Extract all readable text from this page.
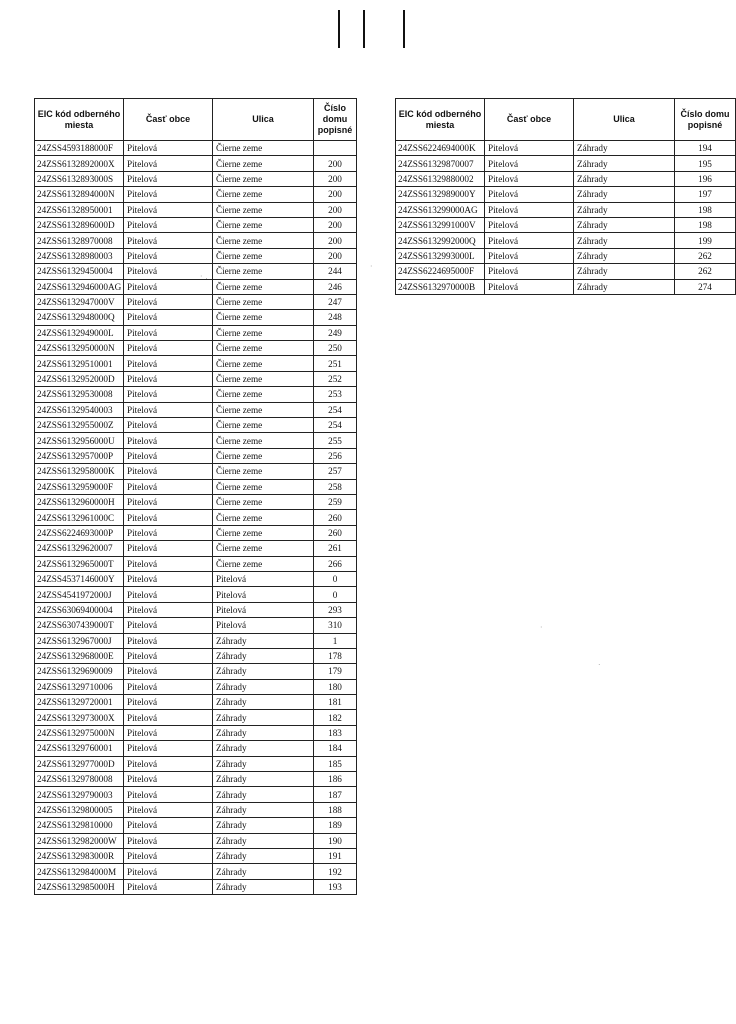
EIC kód odberného miesta	Časť obce	Ulica	Číslo domu popisné
24ZSS4593188000F	Pitelová	Čierne zeme	
24ZSS6132892000X	Pitelová	Čierne zeme	200
24ZSS6132893000S	Pitelová	Čierne zeme	200
24ZSS6132894000N	Pitelová	Čierne zeme	200
24ZSS61328950001	Pitelová	Čierne zeme	200
24ZSS6132896000D	Pitelová	Čierne zeme	200
24ZSS61328970008	Pitelová	Čierne zeme	200
24ZSS61328980003	Pitelová	Čierne zeme	200
24ZSS61329450004	Pitelová	Čierne zeme	244
24ZSS6132946000AG	Pitelová	Čierne zeme	246
24ZSS6132947000V	Pitelová	Čierne zeme	247
24ZSS6132948000Q	Pitelová	Čierne zeme	248
24ZSS6132949000L	Pitelová	Čierne zeme	249
24ZSS6132950000N	Pitelová	Čierne zeme	250
24ZSS61329510001	Pitelová	Čierne zeme	251
24ZSS6132952000D	Pitelová	Čierne zeme	252
24ZSS61329530008	Pitelová	Čierne zeme	253
24ZSS61329540003	Pitelová	Čierne zeme	254
24ZSS6132955000Z	Pitelová	Čierne zeme	254
24ZSS6132956000U	Pitelová	Čierne zeme	255
24ZSS6132957000P	Pitelová	Čierne zeme	256
24ZSS6132958000K	Pitelová	Čierne zeme	257
24ZSS6132959000F	Pitelová	Čierne zeme	258
24ZSS6132960000H	Pitelová	Čierne zeme	259
24ZSS6132961000C	Pitelová	Čierne zeme	260
24ZSS6224693000P	Pitelová	Čierne zeme	260
24ZSS61329620007	Pitelová	Čierne zeme	261
24ZSS6132965000T	Pitelová	Čierne zeme	266
24ZSS4537146000Y	Pitelová	Pitelová	0
24ZSS4541972000J	Pitelová	Pitelová	0
24ZSS63069400004	Pitelová	Pitelová	293
24ZSS6307439000T	Pitelová	Pitelová	310
24ZSS6132967000J	Pitelová	Záhrady	1
24ZSS6132968000E	Pitelová	Záhrady	178
24ZSS61329690009	Pitelová	Záhrady	179
24ZSS61329710006	Pitelová	Záhrady	180
24ZSS61329720001	Pitelová	Záhrady	181
24ZSS6132973000X	Pitelová	Záhrady	182
24ZSS6132975000N	Pitelová	Záhrady	183
24ZSS61329760001	Pitelová	Záhrady	184
24ZSS6132977000D	Pitelová	Záhrady	185
24ZSS61329780008	Pitelová	Záhrady	186
24ZSS61329790003	Pitelová	Záhrady	187
24ZSS61329800005	Pitelová	Záhrady	188
24ZSS61329810000	Pitelová	Záhrady	189
24ZSS6132982000W	Pitelová	Záhrady	190
24ZSS6132983000R	Pitelová	Záhrady	191
24ZSS6132984000M	Pitelová	Záhrady	192
24ZSS6132985000H	Pitelová	Záhrady	193
EIC kód odberného miesta	Časť obce	Ulica	Číslo domu popisné
24ZSS6224694000K	Pitelová	Záhrady	194
24ZSS61329870007	Pitelová	Záhrady	195
24ZSS61329880002	Pitelová	Záhrady	196
24ZSS6132989000Y	Pitelová	Záhrady	197
24ZSS613299000AG	Pitelová	Záhrady	198
24ZSS6132991000V	Pitelová	Záhrady	198
24ZSS6132992000Q	Pitelová	Záhrady	199
24ZSS6132993000L	Pitelová	Záhrady	262
24ZSS6224695000F	Pitelová	Záhrady	262
24ZSS6132970000B	Pitelová	Záhrady	274
·
· .
·
.
